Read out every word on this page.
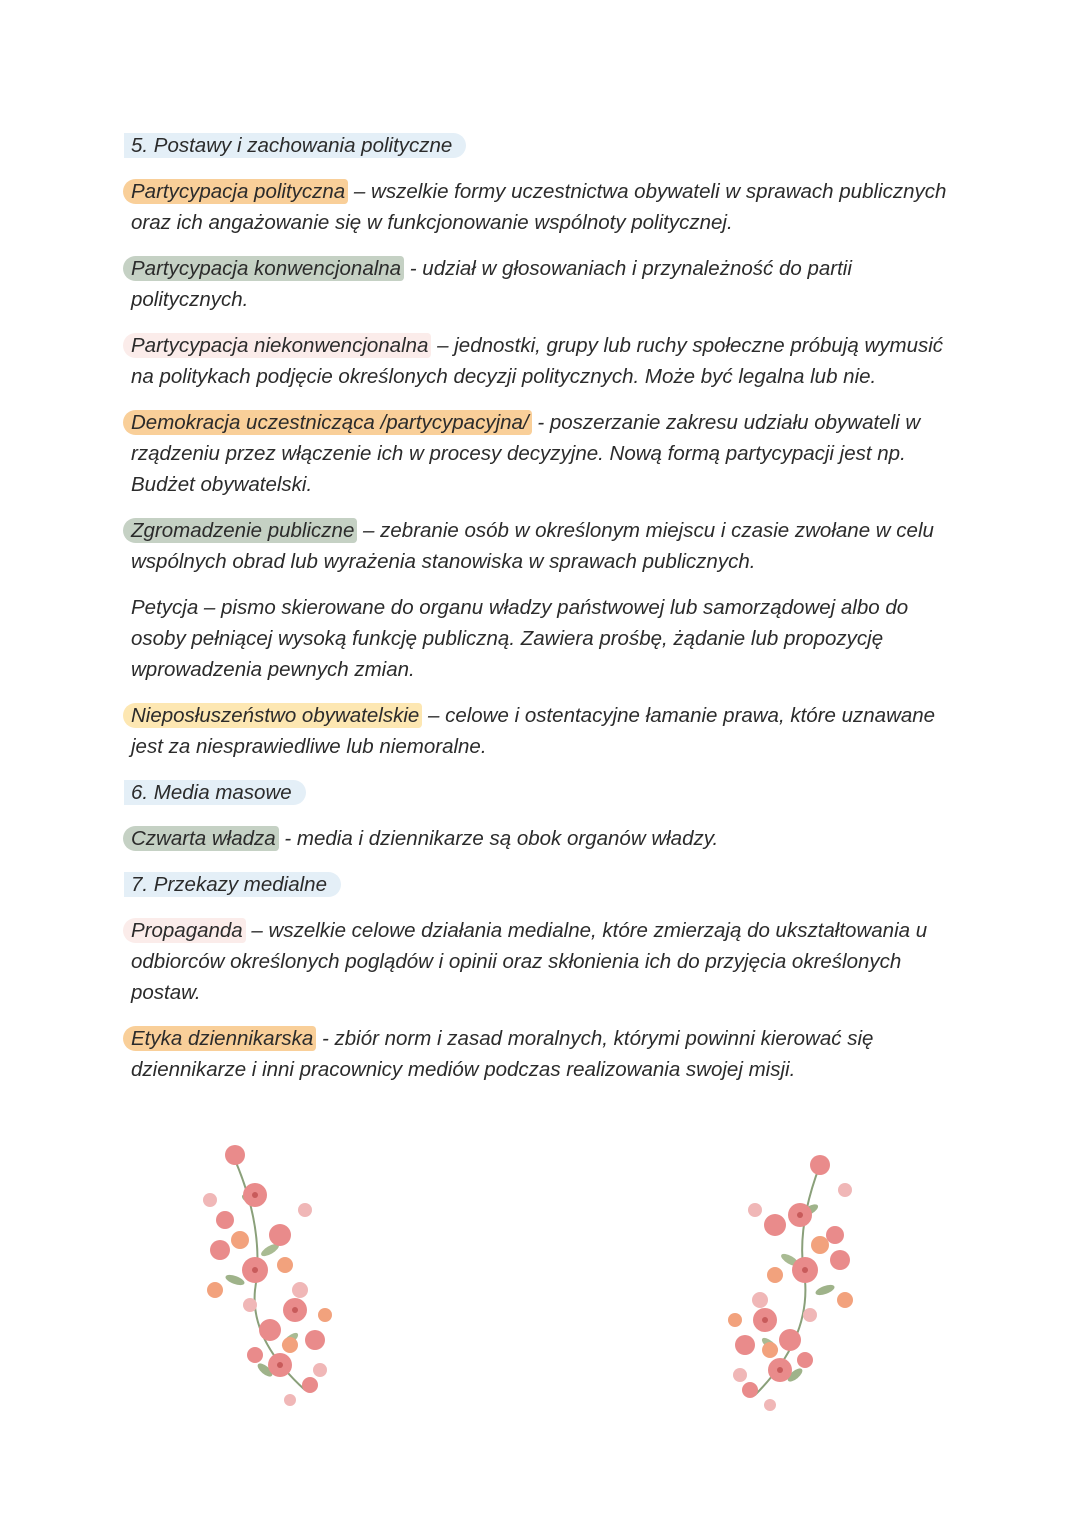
5. Postawy i zachowania polityczne

Partycypacja polityczna – wszelkie formy uczestnictwa obywateli w sprawach publicznych oraz ich angażowanie się w funkcjonowanie wspólnoty politycznej.

Partycypacja konwencjonalna - udział w głosowaniach i przynależność do partii politycznych.

Partycypacja niekonwencjonalna – jednostki, grupy lub ruchy społeczne próbują wymusić na politykach podjęcie określonych decyzji politycznych. Może być legalna lub nie.

Demokracja uczestnicząca /partycypacyjna/ - poszerzanie zakresu udziału obywateli w rządzeniu przez włączenie ich w procesy decyzyjne. Nową formą partycypacji jest np. Budżet obywatelski.

Zgromadzenie publiczne – zebranie osób w określonym miejscu i czasie zwołane w celu wspólnych obrad lub wyrażenia stanowiska w sprawach publicznych.

Petycja – pismo skierowane do organu władzy państwowej lub samorządowej albo do osoby pełniącej wysoką funkcję publiczną. Zawiera prośbę, żądanie lub propozycję wprowadzenia pewnych zmian.

Nieposłuszeństwo obywatelskie – celowe i ostentacyjne łamanie prawa, które uznawane jest za niesprawiedliwe lub niemoralne.

6. Media masowe

Czwarta władza - media i dziennikarze są obok organów władzy.

7. Przekazy medialne

Propaganda – wszelkie celowe działania medialne, które zmierzają do ukształtowania u odbiorców określonych poglądów i opinii oraz skłonienia ich do przyjęcia określonych postaw.

Etyka dziennikarska - zbiór norm i zasad moralnych, którymi powinni kierować się dziennikarze i inni pracownicy mediów podczas realizowania swojej misji.
